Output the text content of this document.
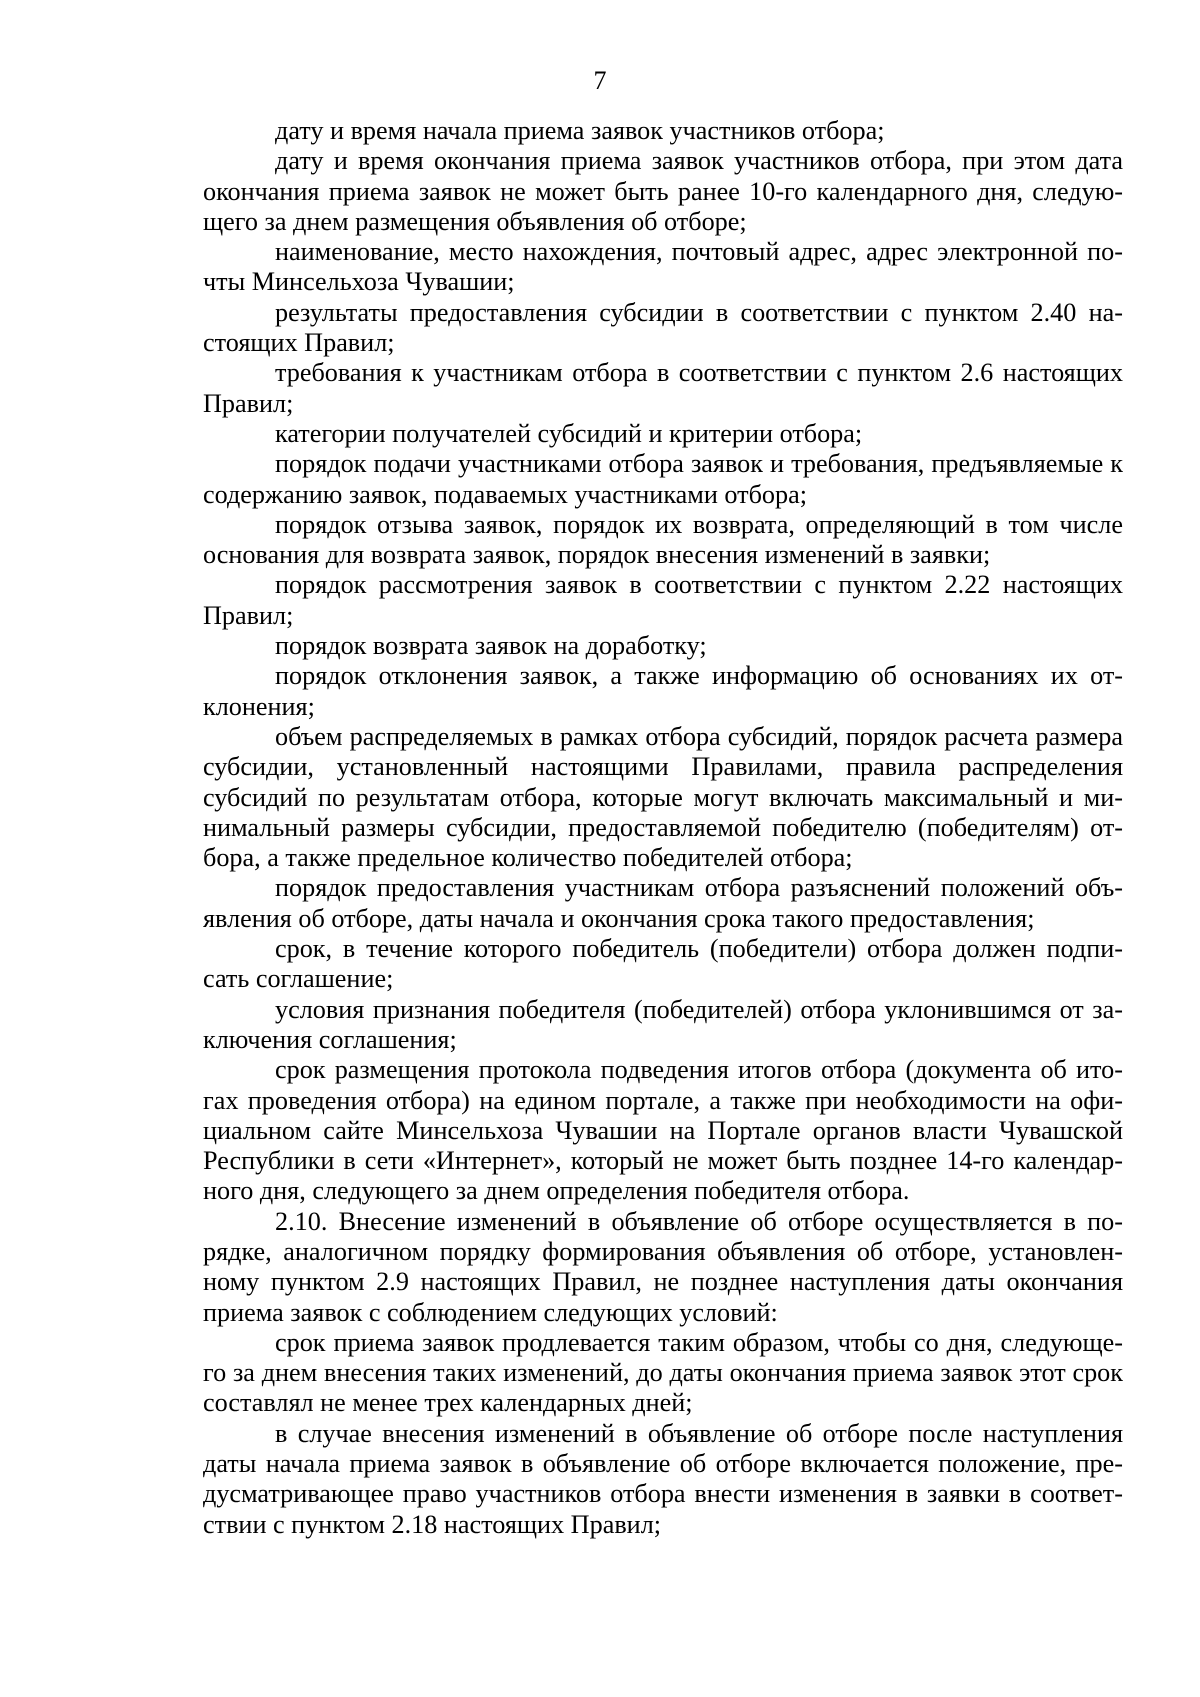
7

дату и время начала приема заявок участников отбора;

дату и время окончания приема заявок участников отбора, при этом дата окончания приема заявок не может быть ранее 10-го календарного дня, следующего за днем размещения объявления об отборе;

наименование, место нахождения, почтовый адрес, адрес электронной почты Минсельхоза Чувашии;

результаты предоставления субсидии в соответствии с пунктом 2.40 настоящих Правил;

требования к участникам отбора в соответствии с пунктом 2.6 настоящих Правил;

категории получателей субсидий и критерии отбора;

порядок подачи участниками отбора заявок и требования, предъявляемые к содержанию заявок, подаваемых участниками отбора;

порядок отзыва заявок, порядок их возврата, определяющий в том числе основания для возврата заявок, порядок внесения изменений в заявки;

порядок рассмотрения заявок в соответствии с пунктом 2.22 настоящих Правил;

порядок возврата заявок на доработку;

порядок отклонения заявок, а также информацию об основаниях их отклонения;

объем распределяемых в рамках отбора субсидий, порядок расчета размера субсидии, установленный настоящими Правилами, правила распределения субсидий по результатам отбора, которые могут включать максимальный и минимальный размеры субсидии, предоставляемой победителю (победителям) отбора, а также предельное количество победителей отбора;

порядок предоставления участникам отбора разъяснений положений объявления об отборе, даты начала и окончания срока такого предоставления;

срок, в течение которого победитель (победители) отбора должен подписать соглашение;

условия признания победителя (победителей) отбора уклонившимся от заключения соглашения;

срок размещения протокола подведения итогов отбора (документа об итогах проведения отбора) на едином портале, а также при необходимости на официальном сайте Минсельхоза Чувашии на Портале органов власти Чувашской Республики в сети «Интернет», который не может быть позднее 14-го календарного дня, следующего за днем определения победителя отбора.

2.10. Внесение изменений в объявление об отборе осуществляется в порядке, аналогичном порядку формирования объявления об отборе, установленному пунктом 2.9 настоящих Правил, не позднее наступления даты окончания приема заявок с соблюдением следующих условий:

срок приема заявок продлевается таким образом, чтобы со дня, следующего за днем внесения таких изменений, до даты окончания приема заявок этот срок составлял не менее трех календарных дней;

в случае внесения изменений в объявление об отборе после наступления даты начала приема заявок в объявление об отборе включается положение, предусматривающее право участников отбора внести изменения в заявки в соответствии с пунктом 2.18 настоящих Правил;
